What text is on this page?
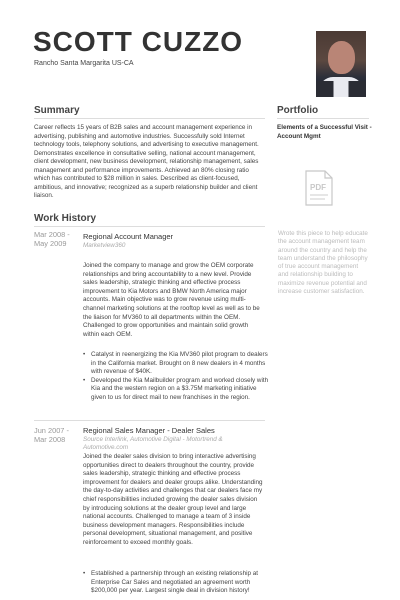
SCOTT CUZZO
Rancho Santa Margarita US-CA
Summary

Career reflects 15 years of B2B sales and account management experience in advertising, publishing and automotive industries. Successfully sold Internet technology tools, telephony solutions, and advertising to executive management. Demonstrates excellence in consultative selling, national account management, client development, new business development, relationship management, sales management and performance improvements. Achieved an 80% closing ratio which has contributed to $28 million in sales. Described as client-focused, ambitious, and innovative; recognized as a superb relationship builder and client liaison.

Portfolio
Elements of a Successful Visit - Account Mgmt
PDF

Wrote this piece to help educate the account management team around the country and help the team understand the philosophy of true account management and relationship building to maximize revenue potential and increase customer satisfaction.

Work History

Mar 2008 - May 2009

Regional Account Manager

Marketview360

Joined the company to manage and grow the OEM corporate relationships and bring accountability to a new level. Provide sales leadership, strategic thinking and effective process improvement to Kia Motors and BMW North America major accounts. Main objective was to grow revenue using multi-channel marketing solutions at the rooftop level as well as to be the liaison for MV360 to all departments within the OEM. Challenged to grow opportunities and maintain solid growth within each OEM.

• Catalyst in reenergizing the Kia MV360 pilot program to dealers in the California market. Brought on 8 new dealers in 4 months with revenue of $40K.
• Developed the Kia Mailbuilder program and worked closely with Kia and the western region on a $3.75M marketing initiative given to us for direct mail to new franchises in the region.

Jun 2007 - Mar 2008

Regional Sales Manager - Dealer Sales

Source Interlink, Automotive Digital - Motortrend & Automotive.com

Joined the dealer sales division to bring interactive advertising opportunities direct to dealers throughout the country, provide sales leadership, strategic thinking and effective process improvement for dealers and dealer groups alike. Understanding the day-to-day activities and challenges that car dealers face my chief responsibilities included growing the dealer sales division by introducing solutions at the dealer group level and large national accounts. Challenged to manage a team of 3 inside business development managers. Responsibilities include personal development, situational management, and positive reinforcement to exceed monthly goals.

• Established a partnership through an existing relationship at Enterprise Car Sales and negotiated an agreement worth $200,000 per year. Largest single deal in division history!
